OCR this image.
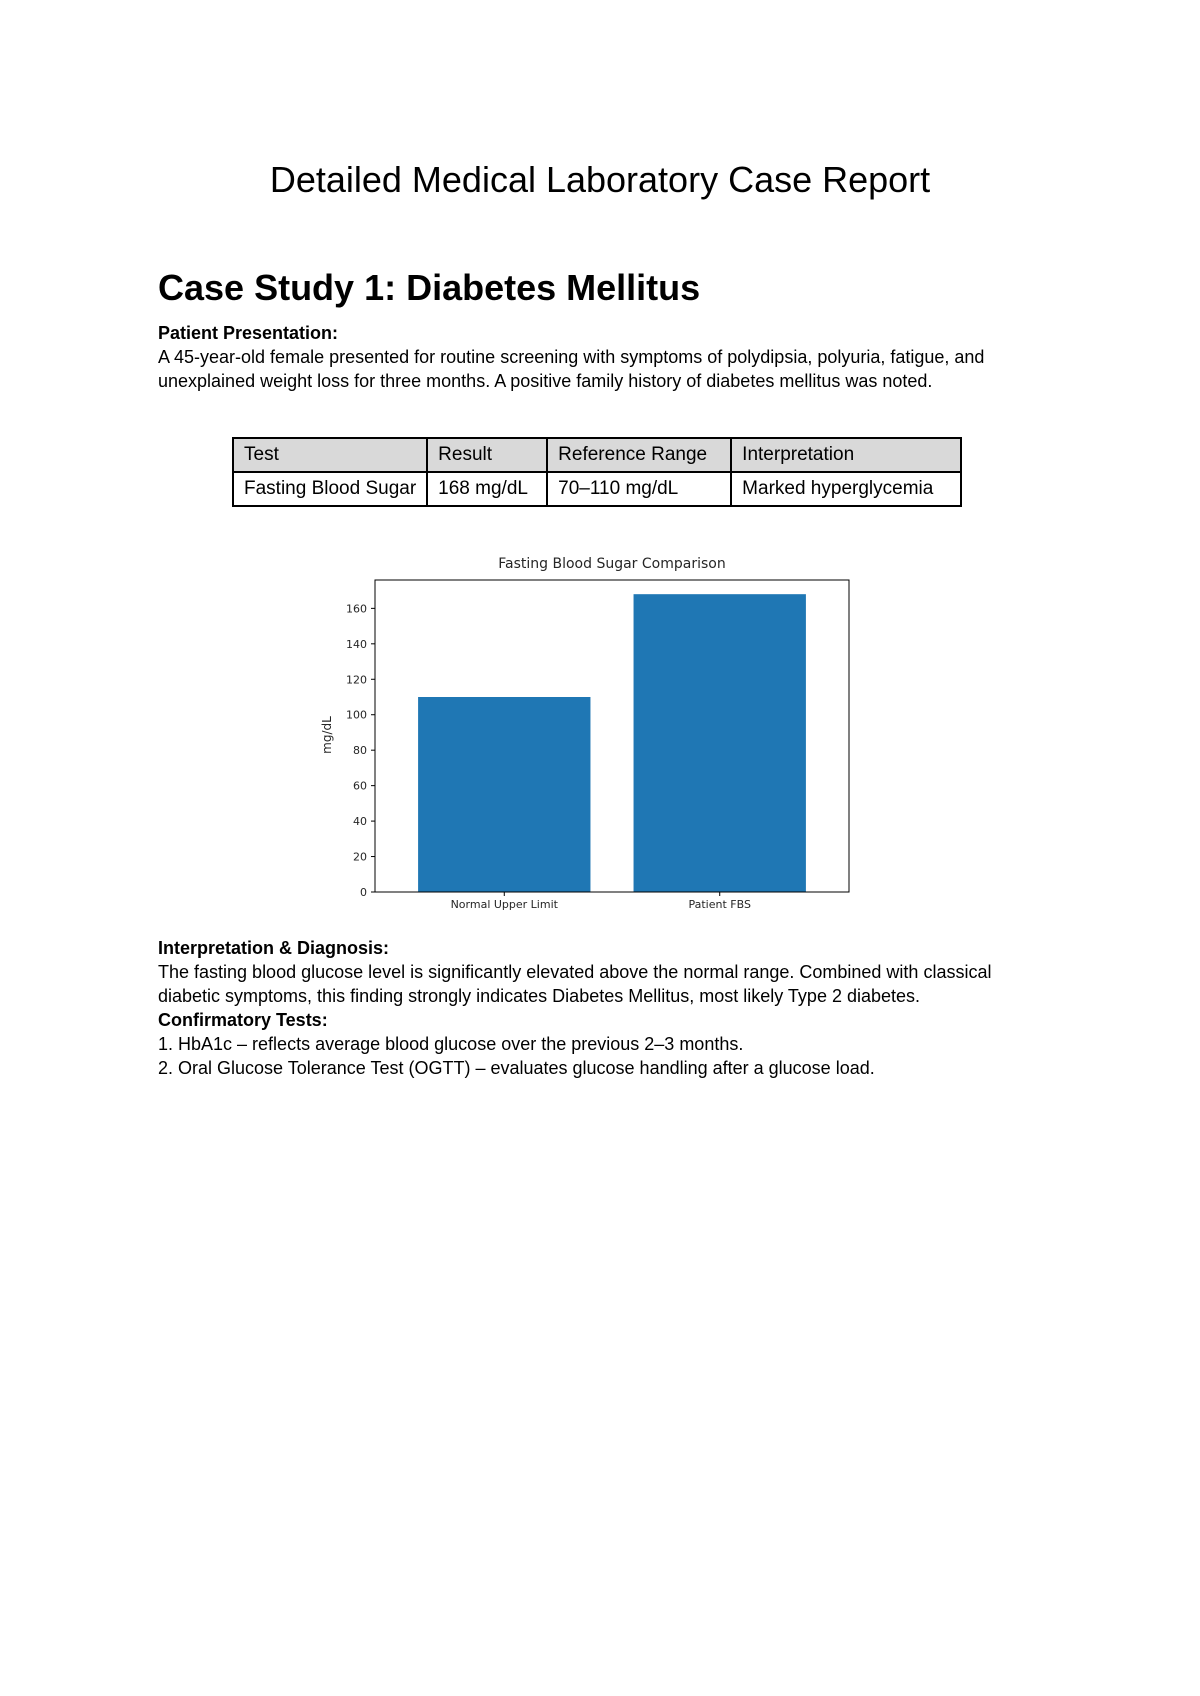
Detailed Medical Laboratory Case Report
Case Study 1: Diabetes Mellitus
Patient Presentation:
A 45-year-old female presented for routine screening with symptoms of polydipsia, polyuria, fatigue, and unexplained weight loss for three months. A positive family history of diabetes mellitus was noted.
Test	Result	Reference Range	Interpretation
Fasting Blood Sugar	168 mg/dL	70–110 mg/dL	Marked hyperglycemia
Fasting Blood Sugar Comparison
mg/dL
0
20
40
60
80
100
120
140
160
Normal Upper Limit	Patient FBS
Interpretation & Diagnosis:
The fasting blood glucose level is significantly elevated above the normal range. Combined with classical diabetic symptoms, this finding strongly indicates Diabetes Mellitus, most likely Type 2 diabetes.
Confirmatory Tests:
1. HbA1c – reflects average blood glucose over the previous 2–3 months.
2. Oral Glucose Tolerance Test (OGTT) – evaluates glucose handling after a glucose load.
